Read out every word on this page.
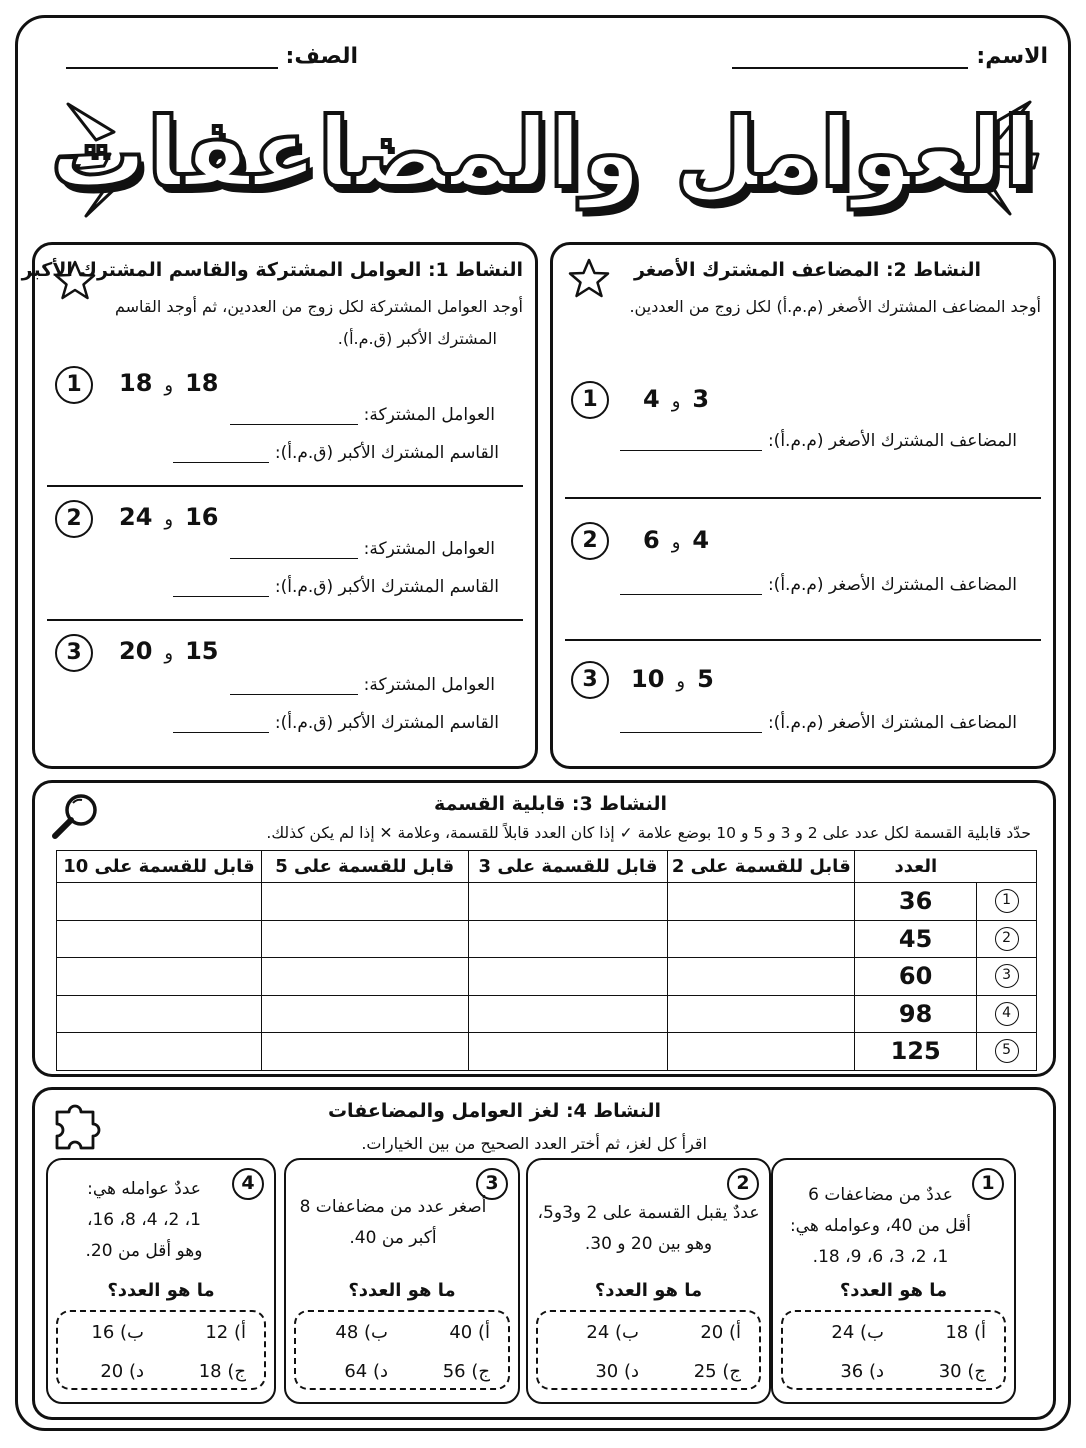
الاسم:
الصف:
العوامل والمضاعفات
النشاط 1: العوامل المشتركة والقاسم المشترك الأكبر
أوجد العوامل المشتركة لكل زوج من العددين، ثم أوجد القاسم
المشترك الأكبر (ق.م.أ).
1	18و18
العوامل المشتركة:
القاسم المشترك الأكبر (ق.م.أ):
2	16و24
العوامل المشتركة:
القاسم المشترك الأكبر (ق.م.أ):
3	15و20
العوامل المشتركة:
القاسم المشترك الأكبر (ق.م.أ):
النشاط 2: المضاعف المشترك الأصغر
أوجد المضاعف المشترك الأصغر (م.م.أ) لكل زوج من العددين.
1	3و4
المضاعف المشترك الأصغر (م.م.أ):
2	4و6
المضاعف المشترك الأصغر (م.م.أ):
3	5و10
المضاعف المشترك الأصغر (م.م.أ):
النشاط 3: قابلية القسمة
حدّد قابلية القسمة لكل عدد على 2 و 3 و 5 و 10 بوضع علامة ✓ إذا كان العدد قابلاً للقسمة، وعلامة ✕ إذا لم يكن كذلك.
	العدد	قابل للقسمة على 2	قابل للقسمة على 3	قابل للقسمة على 5	قابل للقسمة على 10
1	36				
2	45				
3	60				
4	98				
5	125				
النشاط 4: لغز العوامل والمضاعفات
اقرأ كل لغز، ثم أختر العدد الصحيح من بين الخيارات.
1
عددٌ من مضاعفات 6
أقل من 40، وعوامله هي:
1، 2، 3، 6، 9، 18.
ما هو العدد؟
أ) 18
ب) 24
ج) 30
د) 36
2
عددٌ يقبل القسمة على 2 و3و5،
وهو بين 20 و 30.
ما هو العدد؟
أ) 20
ب) 24
ج) 25
د) 30
3
أصغر عدد من مضاعفات 8
أكبر من 40.
ما هو العدد؟
أ) 40
ب) 48
ج) 56
د) 64
4
عددٌ عوامله هي:
1، 2، 4، 8، 16،
وهو أقل من 20.
ما هو العدد؟
أ) 12
ب) 16
ج) 18
د) 20
